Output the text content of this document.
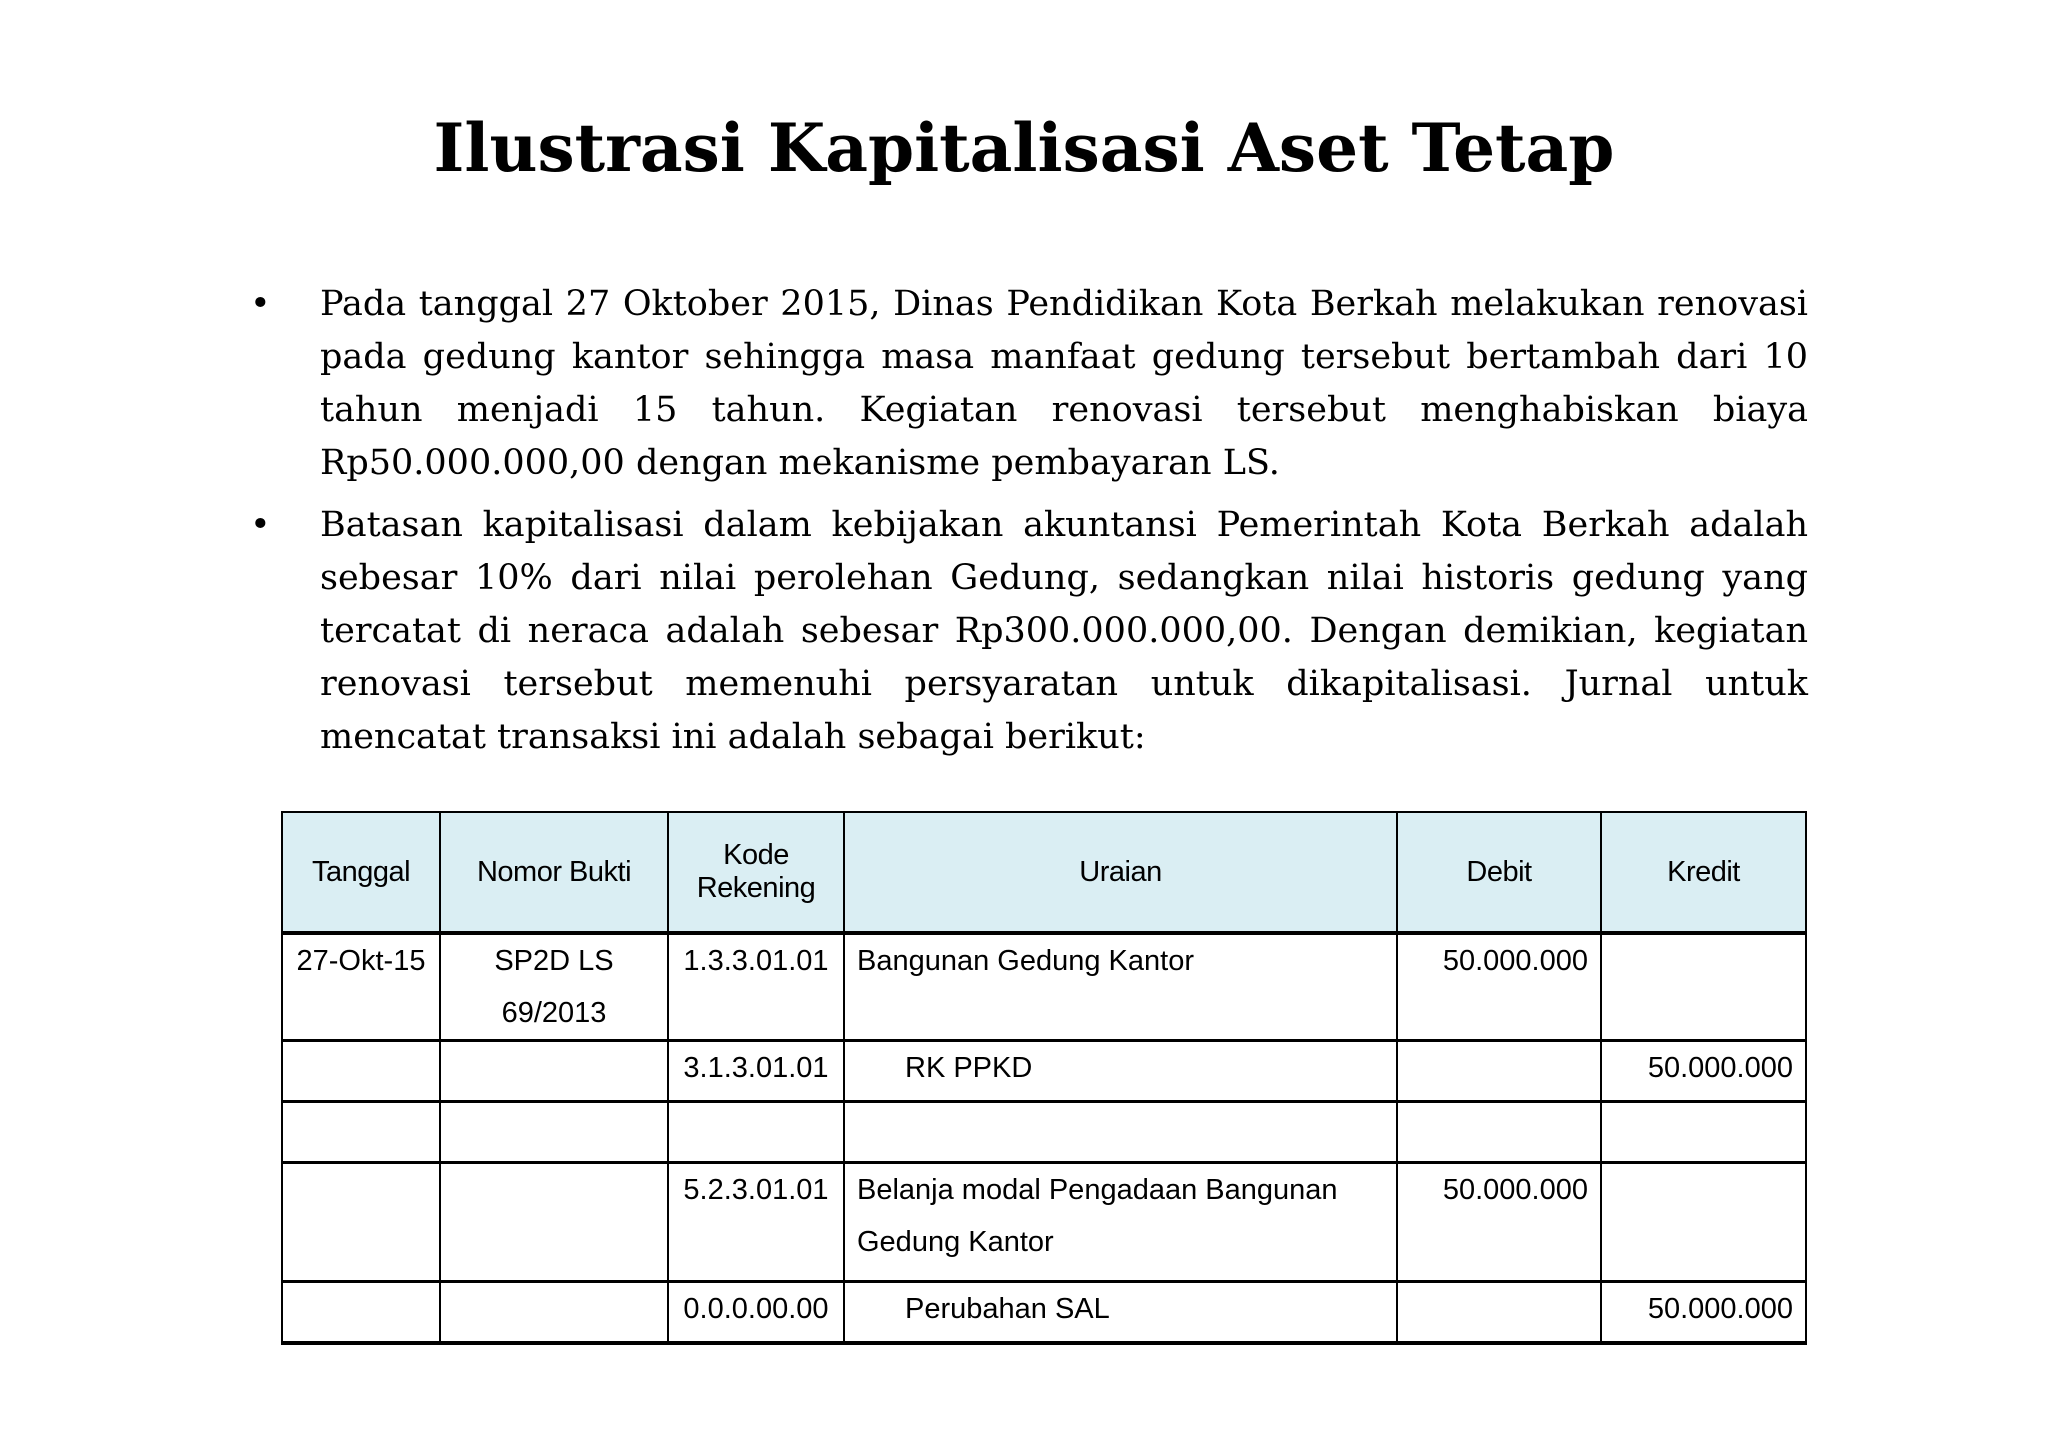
Ilustrasi Kapitalisasi Aset Tetap
• Pada tanggal 27 Oktober 2015, Dinas Pendidikan Kota Berkah melakukan renovasi pada gedung kantor sehingga masa manfaat gedung tersebut bertambah dari 10 tahun menjadi 15 tahun. Kegiatan renovasi tersebut menghabiskan biaya Rp50.000.000,00 dengan mekanisme pembayaran LS.
• Batasan kapitalisasi dalam kebijakan akuntansi Pemerintah Kota Berkah adalah sebesar 10% dari nilai perolehan Gedung, sedangkan nilai historis gedung yang tercatat di neraca adalah sebesar Rp300.000.000,00. Dengan demikian, kegiatan renovasi tersebut memenuhi persyaratan untuk dikapitalisasi. Jurnal untuk mencatat transaksi ini adalah sebagai berikut:
Tanggal	Nomor Bukti	Kode Rekening	Uraian	Debit	Kredit
27-Okt-15	SP2D LS 69/2013	1.3.3.01.01	Bangunan Gedung Kantor	50.000.000	
		3.1.3.01.01	RK PPKD		50.000.000

		5.2.3.01.01	Belanja modal Pengadaan Bangunan Gedung Kantor	50.000.000	
		0.0.0.00.00	Perubahan SAL		50.000.000
